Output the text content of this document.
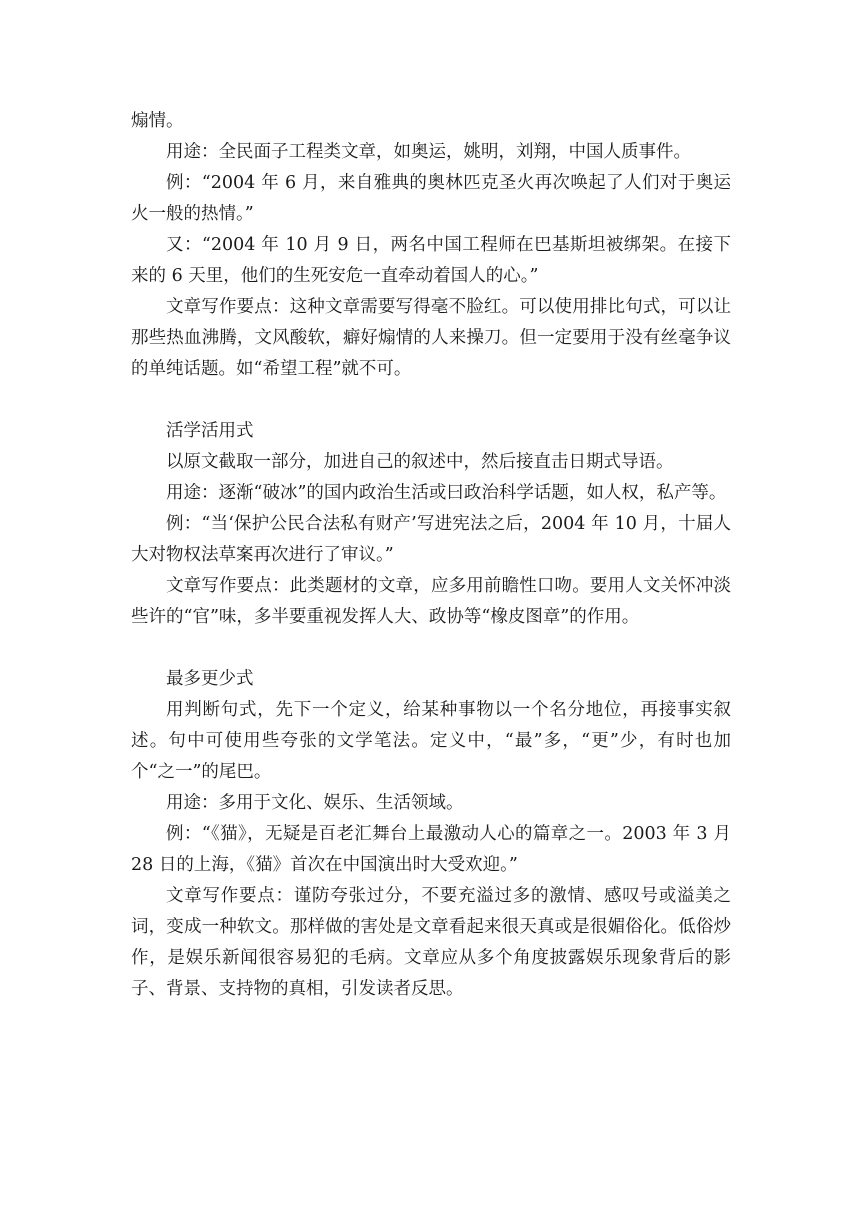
煽情。

用途：全民面子工程类文章，如奥运，姚明，刘翔，中国人质事件。

例：“2004 年 6 月，来自雅典的奥林匹克圣火再次唤起了人们对于奥运火一般的热情。”

又：“2004 年 10 月 9 日，两名中国工程师在巴基斯坦被绑架。在接下来的 6 天里，他们的生死安危一直牵动着国人的心。”

文章写作要点：这种文章需要写得毫不脸红。可以使用排比句式，可以让那些热血沸腾，文风酸软，癖好煽情的人来操刀。但一定要用于没有丝毫争议的单纯话题。如“希望工程”就不可。

活学活用式

以原文截取一部分，加进自己的叙述中，然后接直击日期式导语。

用途：逐渐“破冰”的国内政治生活或曰政治科学话题，如人权，私产等。

例：“当‘保护公民合法私有财产’写进宪法之后，2004 年 10 月，十届人大对物权法草案再次进行了审议。”

文章写作要点：此类题材的文章，应多用前瞻性口吻。要用人文关怀冲淡些许的“官”味，多半要重视发挥人大、政协等“橡皮图章”的作用。

最多更少式

用判断句式，先下一个定义，给某种事物以一个名分地位，再接事实叙述。句中可使用些夸张的文学笔法。定义中，“最”多，“更”少，有时也加个“之一”的尾巴。

用途：多用于文化、娱乐、生活领域。

例：“《猫》，无疑是百老汇舞台上最激动人心的篇章之一。2003 年 3 月 28 日的上海，《猫》首次在中国演出时大受欢迎。”

文章写作要点：谨防夸张过分，不要充溢过多的激情、感叹号或溢美之词，变成一种软文。那样做的害处是文章看起来很天真或是很媚俗化。低俗炒作，是娱乐新闻很容易犯的毛病。文章应从多个角度披露娱乐现象背后的影子、背景、支持物的真相，引发读者反思。
